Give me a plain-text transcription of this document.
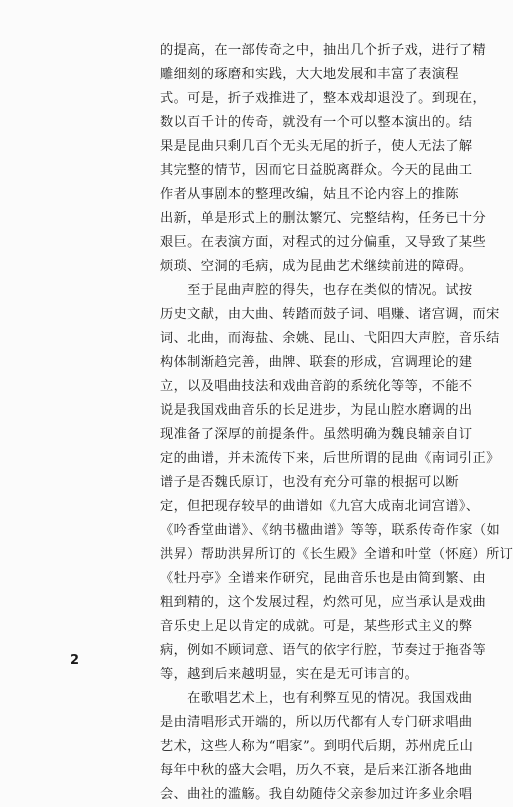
的提高，在一部传奇之中，抽出几个折子戏，进行了精
雕细刻的琢磨和实践，大大地发展和丰富了表演程
式。可是，折子戏推进了，整本戏却退没了。到现在，
数以百千计的传奇，就没有一个可以整本演出的。结
果是昆曲只剩几百个无头无尾的折子，使人无法了解
其完整的情节，因而它日益脱离群众。今天的昆曲工
作者从事剧本的整理改编，姑且不论内容上的推陈
出新，单是形式上的删汰繁冗、完整结构，任务已十分
艰巨。在表演方面，对程式的过分偏重，又导致了某些
烦琐、空洞的毛病，成为昆曲艺术继续前进的障碍。
　　至于昆曲声腔的得失，也存在类似的情况。试按
历史文献，由大曲、转踏而鼓子词、唱赚、诸宫调，而宋
词、北曲，而海盐、余姚、昆山、弋阳四大声腔，音乐结
构体制渐趋完善，曲牌、联套的形成，宫调理论的建
立，以及唱曲技法和戏曲音韵的系统化等等，不能不
说是我国戏曲音乐的长足进步，为昆山腔水磨调的出
现准备了深厚的前提条件。虽然明确为魏良辅亲自订
定的曲谱，并未流传下来，后世所谓的昆曲《南词引正》
谱子是否魏氏原订，也没有充分可靠的根据可以断
定，但把现存较早的曲谱如《九宫大成南北词宫谱》、
《吟香堂曲谱》、《纳书楹曲谱》等等，联系传奇作家（如
洪昇）帮助洪昇所订的《长生殿》全谱和叶堂（怀庭）所订
《牡丹亭》全谱来作研究，昆曲音乐也是由简到繁、由
粗到精的，这个发展过程，灼然可见，应当承认是戏曲
音乐史上足以肯定的成就。可是，某些形式主义的弊
病，例如不顾词意、语气的依字行腔，节奏过于拖沓等
等，越到后来越明显，实在是无可讳言的。
　　在歌唱艺术上，也有利弊互见的情况。我国戏曲
是由清唱形式开端的，所以历代都有人专门研求唱曲
艺术，这些人称为“唱家”。到明代后期，苏州虎丘山
每年中秋的盛大会唱，历久不衰，是后来江浙各地曲
会、曲社的滥觞。我自幼随侍父亲参加过许多业余唱
2
